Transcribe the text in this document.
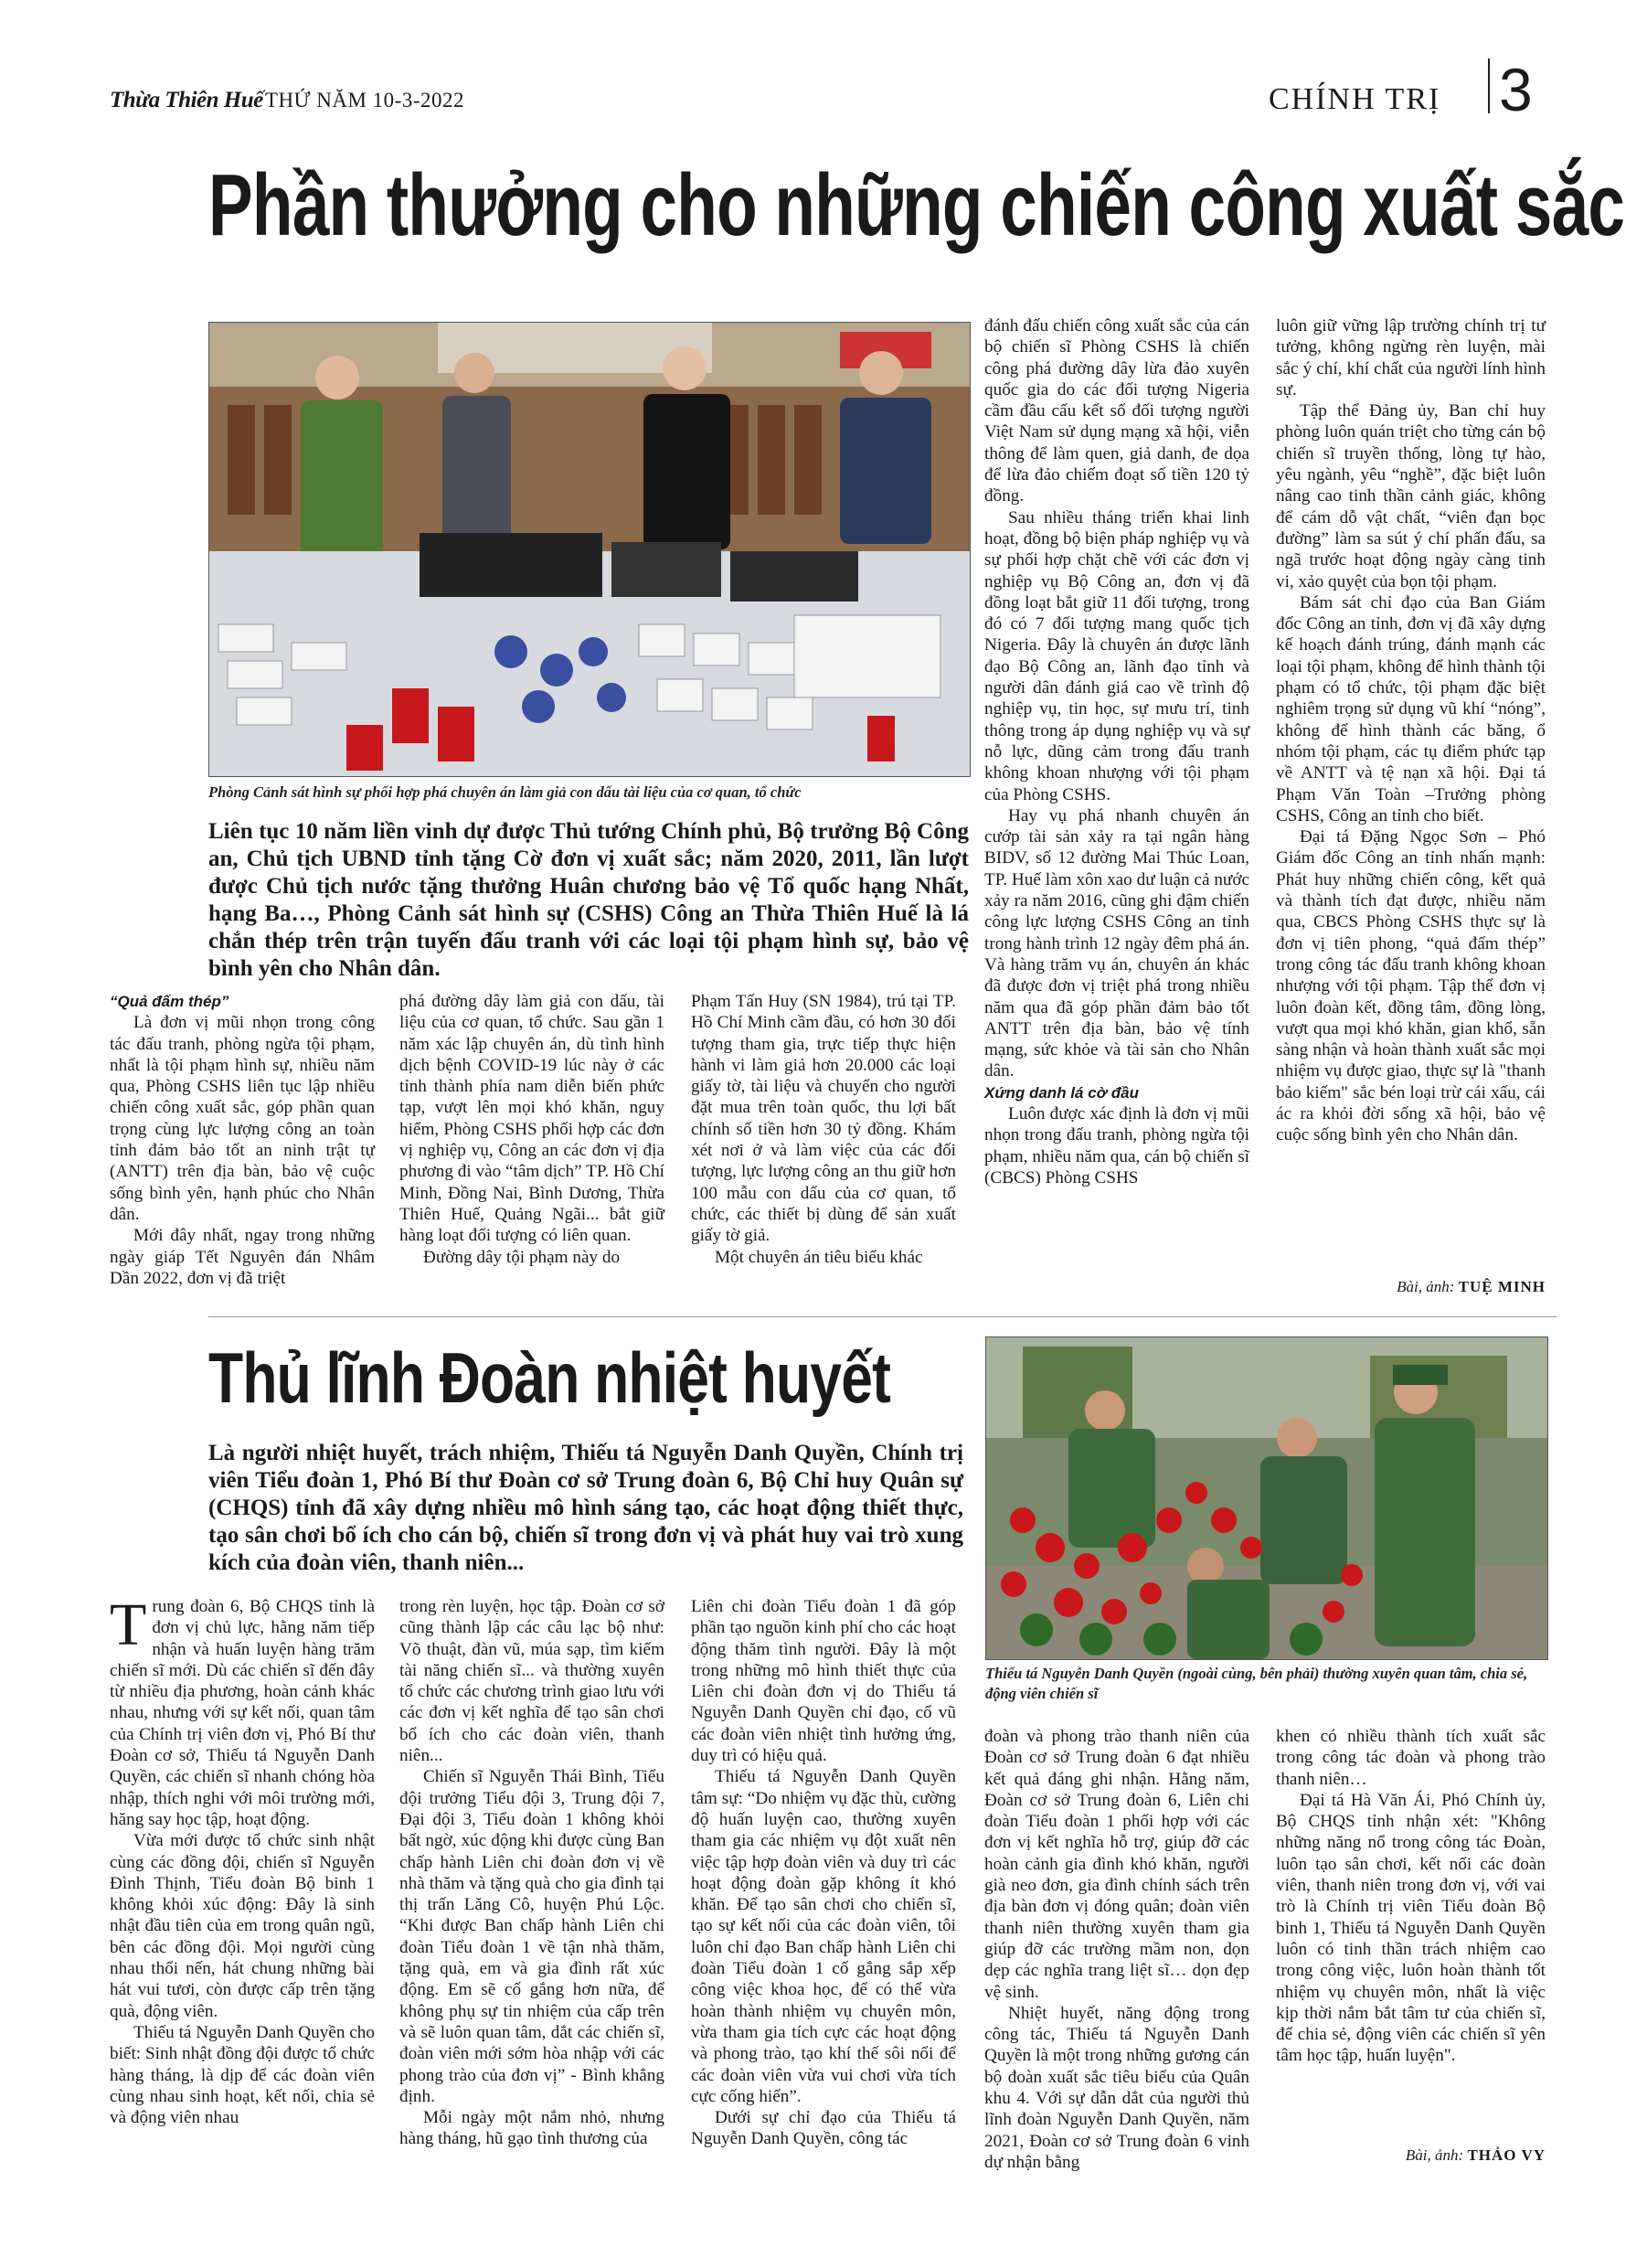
Thừa Thiên Huế THỨ NĂM 10-3-2022	CHÍNH TRỊ 3
Phần thưởng cho những chiến công xuất sắc
Phòng Cảnh sát hình sự phối hợp phá chuyên án làm giả con dấu tài liệu của cơ quan, tổ chức
Liên tục 10 năm liền vinh dự được Thủ tướng Chính phủ, Bộ trưởng Bộ Công an, Chủ tịch UBND tỉnh tặng Cờ đơn vị xuất sắc; năm 2020, 2011, lần lượt được Chủ tịch nước tặng thưởng Huân chương bảo vệ Tổ quốc hạng Nhất, hạng Ba…, Phòng Cảnh sát hình sự (CSHS) Công an Thừa Thiên Huế là lá chắn thép trên trận tuyến đấu tranh với các loại tội phạm hình sự, bảo vệ bình yên cho Nhân dân.

“Quả đấm thép”

Là đơn vị mũi nhọn trong công tác đấu tranh, phòng ngừa tội phạm, nhất là tội phạm hình sự, nhiều năm qua, Phòng CSHS liên tục lập nhiều chiến công xuất sắc, góp phần quan trọng cùng lực lượng công an toàn tỉnh đảm bảo tốt an ninh trật tự (ANTT) trên địa bàn, bảo vệ cuộc sống bình yên, hạnh phúc cho Nhân dân.

Mới đây nhất, ngay trong những ngày giáp Tết Nguyên đán Nhâm Dần 2022, đơn vị đã triệt

phá đường dây làm giả con dấu, tài liệu của cơ quan, tổ chức. Sau gần 1 năm xác lập chuyên án, dù tình hình dịch bệnh COVID-19 lúc này ở các tỉnh thành phía nam diễn biến phức tạp, vượt lên mọi khó khăn, nguy hiểm, Phòng CSHS phối hợp các đơn vị nghiệp vụ, Công an các đơn vị địa phương đi vào “tâm dịch” TP. Hồ Chí Minh, Đồng Nai, Bình Dương, Thừa Thiên Huế, Quảng Ngãi... bắt giữ hàng loạt đối tượng có liên quan.

Đường dây tội phạm này do

Phạm Tấn Huy (SN 1984), trú tại TP. Hồ Chí Minh cầm đầu, có hơn 30 đối tượng tham gia, trực tiếp thực hiện hành vi làm giả hơn 20.000 các loại giấy tờ, tài liệu và chuyển cho người đặt mua trên toàn quốc, thu lợi bất chính số tiền hơn 30 tỷ đồng. Khám xét nơi ở và làm việc của các đối tượng, lực lượng công an thu giữ hơn 100 mẫu con dấu của cơ quan, tổ chức, các thiết bị dùng để sản xuất giấy tờ giả.

Một chuyên án tiêu biểu khác

đánh đấu chiến công xuất sắc của cán bộ chiến sĩ Phòng CSHS là chiến công phá đường dây lừa đảo xuyên quốc gia do các đối tượng Nigeria cầm đầu cấu kết số đối tượng người Việt Nam sử dụng mạng xã hội, viễn thông để làm quen, giả danh, đe dọa để lừa đảo chiếm đoạt số tiền 120 tỷ đồng.

Sau nhiều tháng triển khai linh hoạt, đồng bộ biện pháp nghiệp vụ và sự phối hợp chặt chẽ với các đơn vị nghiệp vụ Bộ Công an, đơn vị đã đồng loạt bắt giữ 11 đối tượng, trong đó có 7 đối tượng mang quốc tịch Nigeria. Đây là chuyên án được lãnh đạo Bộ Công an, lãnh đạo tỉnh và người dân đánh giá cao về trình độ nghiệp vụ, tin học, sự mưu trí, tinh thông trong áp dụng nghiệp vụ và sự nỗ lực, dũng cảm trong đấu tranh không khoan nhượng với tội phạm của Phòng CSHS.

Hay vụ phá nhanh chuyên án cướp tài sản xảy ra tại ngân hàng BIDV, số 12 đường Mai Thúc Loan, TP. Huế làm xôn xao dư luận cả nước xảy ra năm 2016, cũng ghi đậm chiến công lực lượng CSHS Công an tỉnh trong hành trình 12 ngày đêm phá án. Và hàng trăm vụ án, chuyên án khác đã được đơn vị triệt phá trong nhiều năm qua đã góp phần đảm bảo tốt ANTT trên địa bàn, bảo vệ tính mạng, sức khỏe và tài sản cho Nhân dân.

Xứng danh lá cờ đầu

Luôn được xác định là đơn vị mũi nhọn trong đấu tranh, phòng ngừa tội phạm, nhiều năm qua, cán bộ chiến sĩ (CBCS) Phòng CSHS

luôn giữ vững lập trường chính trị tư tưởng, không ngừng rèn luyện, mài sắc ý chí, khí chất của người lính hình sự.

Tập thể Đảng ủy, Ban chỉ huy phòng luôn quán triệt cho từng cán bộ chiến sĩ truyền thống, lòng tự hào, yêu ngành, yêu “nghề”, đặc biệt luôn nâng cao tinh thần cảnh giác, không để cám dỗ vật chất, “viên đạn bọc đường” làm sa sút ý chí phấn đấu, sa ngã trước hoạt động ngày càng tinh vi, xảo quyệt của bọn tội phạm.

Bám sát chỉ đạo của Ban Giám đốc Công an tỉnh, đơn vị đã xây dựng kế hoạch đánh trúng, đánh mạnh các loại tội phạm, không để hình thành tội phạm có tổ chức, tội phạm đặc biệt nghiêm trọng sử dụng vũ khí “nóng”, không để hình thành các băng, ổ nhóm tội phạm, các tụ điểm phức tạp về ANTT và tệ nạn xã hội. Đại tá Phạm Văn Toàn –Trưởng phòng CSHS, Công an tỉnh cho biết.

Đại tá Đặng Ngọc Sơn – Phó Giám đốc Công an tỉnh nhấn mạnh: Phát huy những chiến công, kết quả và thành tích đạt được, nhiều năm qua, CBCS Phòng CSHS thực sự là đơn vị tiên phong, “quả đấm thép” trong công tác đấu tranh không khoan nhượng với tội phạm. Tập thể đơn vị luôn đoàn kết, đồng tâm, đồng lòng, vượt qua mọi khó khăn, gian khổ, sẵn sàng nhận và hoàn thành xuất sắc mọi nhiệm vụ được giao, thực sự là "thanh bảo kiếm" sắc bén loại trừ cái xấu, cái ác ra khỏi đời sống xã hội, bảo vệ cuộc sống bình yên cho Nhân dân.

Bài, ảnh: TUỆ MINH
Thủ lĩnh Đoàn nhiệt huyết
Là người nhiệt huyết, trách nhiệm, Thiếu tá Nguyễn Danh Quyền, Chính trị viên Tiểu đoàn 1, Phó Bí thư Đoàn cơ sở Trung đoàn 6, Bộ Chỉ huy Quân sự (CHQS) tỉnh đã xây dựng nhiều mô hình sáng tạo, các hoạt động thiết thực, tạo sân chơi bổ ích cho cán bộ, chiến sĩ trong đơn vị và phát huy vai trò xung kích của đoàn viên, thanh niên...
Thiếu tá Nguyễn Danh Quyền (ngoài cùng, bên phải) thường xuyên quan tâm, chia sẻ, động viên chiến sĩ

Trung đoàn 6, Bộ CHQS tỉnh là đơn vị chủ lực, hằng năm tiếp nhận và huấn luyện hàng trăm chiến sĩ mới. Dù các chiến sĩ đến đây từ nhiều địa phương, hoàn cảnh khác nhau, nhưng với sự kết nối, quan tâm của Chính trị viên đơn vị, Phó Bí thư Đoàn cơ sở, Thiếu tá Nguyễn Danh Quyền, các chiến sĩ nhanh chóng hòa nhập, thích nghi với môi trường mới, hăng say học tập, hoạt động.

Vừa mới được tổ chức sinh nhật cùng các đồng đội, chiến sĩ Nguyễn Đình Thịnh, Tiểu đoàn Bộ binh 1 không khỏi xúc động: Đây là sinh nhật đầu tiên của em trong quân ngũ, bên các đồng đội. Mọi người cùng nhau thổi nến, hát chung những bài hát vui tươi, còn được cấp trên tặng quà, động viên.

Thiếu tá Nguyễn Danh Quyền cho biết: Sinh nhật đồng đội được tổ chức hàng tháng, là dịp để các đoàn viên cùng nhau sinh hoạt, kết nối, chia sẻ và động viên nhau

trong rèn luyện, học tập. Đoàn cơ sở cũng thành lập các câu lạc bộ như: Võ thuật, đàn vũ, múa sạp, tìm kiếm tài năng chiến sĩ... và thường xuyên tổ chức các chương trình giao lưu với các đơn vị kết nghĩa để tạo sân chơi bổ ích cho các đoàn viên, thanh niên...

Chiến sĩ Nguyễn Thái Bình, Tiểu đội trưởng Tiểu đội 3, Trung đội 7, Đại đội 3, Tiểu đoàn 1 không khỏi bất ngờ, xúc động khi được cùng Ban chấp hành Liên chi đoàn đơn vị về nhà thăm và tặng quà cho gia đình tại thị trấn Lăng Cô, huyện Phú Lộc. “Khi được Ban chấp hành Liên chi đoàn Tiểu đoàn 1 về tận nhà thăm, tặng quà, em và gia đình rất xúc động. Em sẽ cố gắng hơn nữa, để không phụ sự tin nhiệm của cấp trên và sẽ luôn quan tâm, dắt các chiến sĩ, đoàn viên mới sớm hòa nhập với các phong trào của đơn vị” - Bình khẳng định.

Mỗi ngày một nắm nhỏ, nhưng hàng tháng, hũ gạo tình thương của

Liên chi đoàn Tiểu đoàn 1 đã góp phần tạo nguồn kinh phí cho các hoạt động thăm tình người. Đây là một trong những mô hình thiết thực của Liên chi đoàn đơn vị do Thiếu tá Nguyễn Danh Quyền chỉ đạo, cổ vũ các đoàn viên nhiệt tình hưởng ứng, duy trì có hiệu quả.

Thiếu tá Nguyễn Danh Quyền tâm sự: “Do nhiệm vụ đặc thù, cường độ huấn luyện cao, thường xuyên tham gia các nhiệm vụ đột xuất nên việc tập hợp đoàn viên và duy trì các hoạt động đoàn gặp không ít khó khăn. Để tạo sân chơi cho chiến sĩ, tạo sự kết nối của các đoàn viên, tôi luôn chỉ đạo Ban chấp hành Liên chi đoàn Tiểu đoàn 1 cố gắng sắp xếp công việc khoa học, để có thể vừa hoàn thành nhiệm vụ chuyên môn, vừa tham gia tích cực các hoạt động và phong trào, tạo khí thế sôi nổi để các đoàn viên vừa vui chơi vừa tích cực cống hiến”.

Dưới sự chỉ đạo của Thiếu tá Nguyễn Danh Quyền, công tác

đoàn và phong trào thanh niên của Đoàn cơ sở Trung đoàn 6 đạt nhiều kết quả đáng ghi nhận. Hằng năm, Đoàn cơ sở Trung đoàn 6, Liên chi đoàn Tiểu đoàn 1 phối hợp với các đơn vị kết nghĩa hỗ trợ, giúp đỡ các hoàn cảnh gia đình khó khăn, người già neo đơn, gia đình chính sách trên địa bàn đơn vị đóng quân; đoàn viên thanh niên thường xuyên tham gia giúp đỡ các trường mầm non, dọn dẹp các nghĩa trang liệt sĩ… dọn đẹp vệ sinh.

Nhiệt huyết, năng động trong công tác, Thiếu tá Nguyễn Danh Quyền là một trong những gương cán bộ đoàn xuất sắc tiêu biểu của Quân khu 4. Với sự dẫn dắt của người thủ lĩnh đoàn Nguyễn Danh Quyền, năm 2021, Đoàn cơ sở Trung đoàn 6 vinh dự nhận bằng

khen có nhiều thành tích xuất sắc trong công tác đoàn và phong trào thanh niên…

Đại tá Hà Văn Ái, Phó Chính ủy, Bộ CHQS tỉnh nhận xét: "Không những năng nổ trong công tác Đoàn, luôn tạo sân chơi, kết nối các đoàn viên, thanh niên trong đơn vị, với vai trò là Chính trị viên Tiểu đoàn Bộ binh 1, Thiếu tá Nguyễn Danh Quyền luôn có tinh thần trách nhiệm cao trong công việc, luôn hoàn thành tốt nhiệm vụ chuyên môn, nhất là việc kịp thời nắm bắt tâm tư của chiến sĩ, để chia sẻ, động viên các chiến sĩ yên tâm học tập, huấn luyện".

Bài, ảnh: THẢO VY
